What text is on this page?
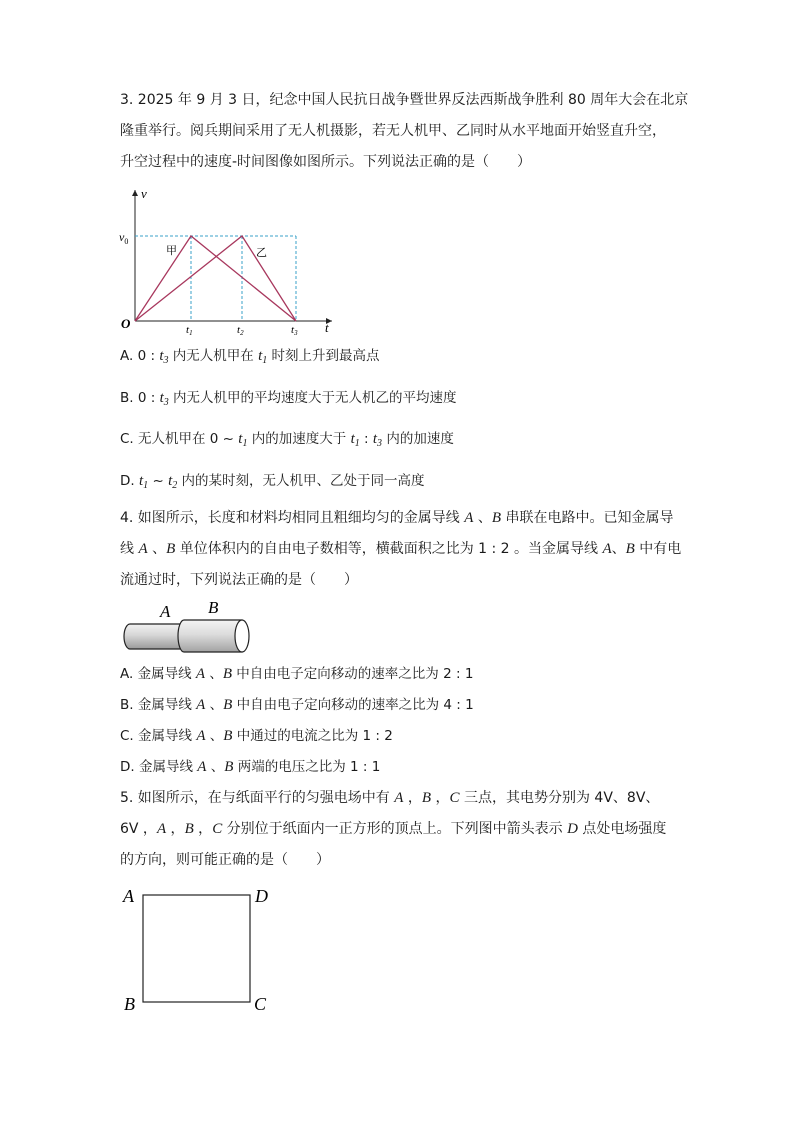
3. 2025 年 9 月 3 日，纪念中国人民抗日战争暨世界反法西斯战争胜利 80 周年大会在北京
隆重举行。阅兵期间采用了无人机摄影，若无人机甲、乙同时从水平地面开始竖直升空，
升空过程中的速度-时间图像如图所示。下列说法正确的是（　　）
v
$v_0$
O	t
t1	t2	t3
甲	乙
A. 0 : $t_3$ 内无人机甲在 $t_1$ 时刻上升到最高点
B. 0 : $t_3$ 内无人机甲的平均速度大于无人机乙的平均速度
C. 无人机甲在 0 ~ $t_1$ 内的加速度大于 $t_1$ : $t_3$ 内的加速度
D. $t_1$ ~ $t_2$ 内的某时刻，无人机甲、乙处于同一高度
4. 如图所示，长度和材料均相同且粗细均匀的金属导线 A 、B 串联在电路中。已知金属导
线 A 、B 单位体积内的自由电子数相等，横截面积之比为 1 : 2 。当金属导线 A、B 中有电
流通过时，下列说法正确的是（　　）
A B
A. 金属导线 A 、B 中自由电子定向移动的速率之比为 2 : 1
B. 金属导线 A 、B 中自由电子定向移动的速率之比为 4 : 1
C. 金属导线 A 、B 中通过的电流之比为 1 : 2
D. 金属导线 A 、B 两端的电压之比为 1 : 1
5. 如图所示，在与纸面平行的匀强电场中有 A ，B ，C 三点，其电势分别为 4V、8V、
6V ，A ，B ，C 分别位于纸面内一正方形的顶点上。下列图中箭头表示 D 点处电场强度
的方向，则可能正确的是（　　）
A	D
B	C
